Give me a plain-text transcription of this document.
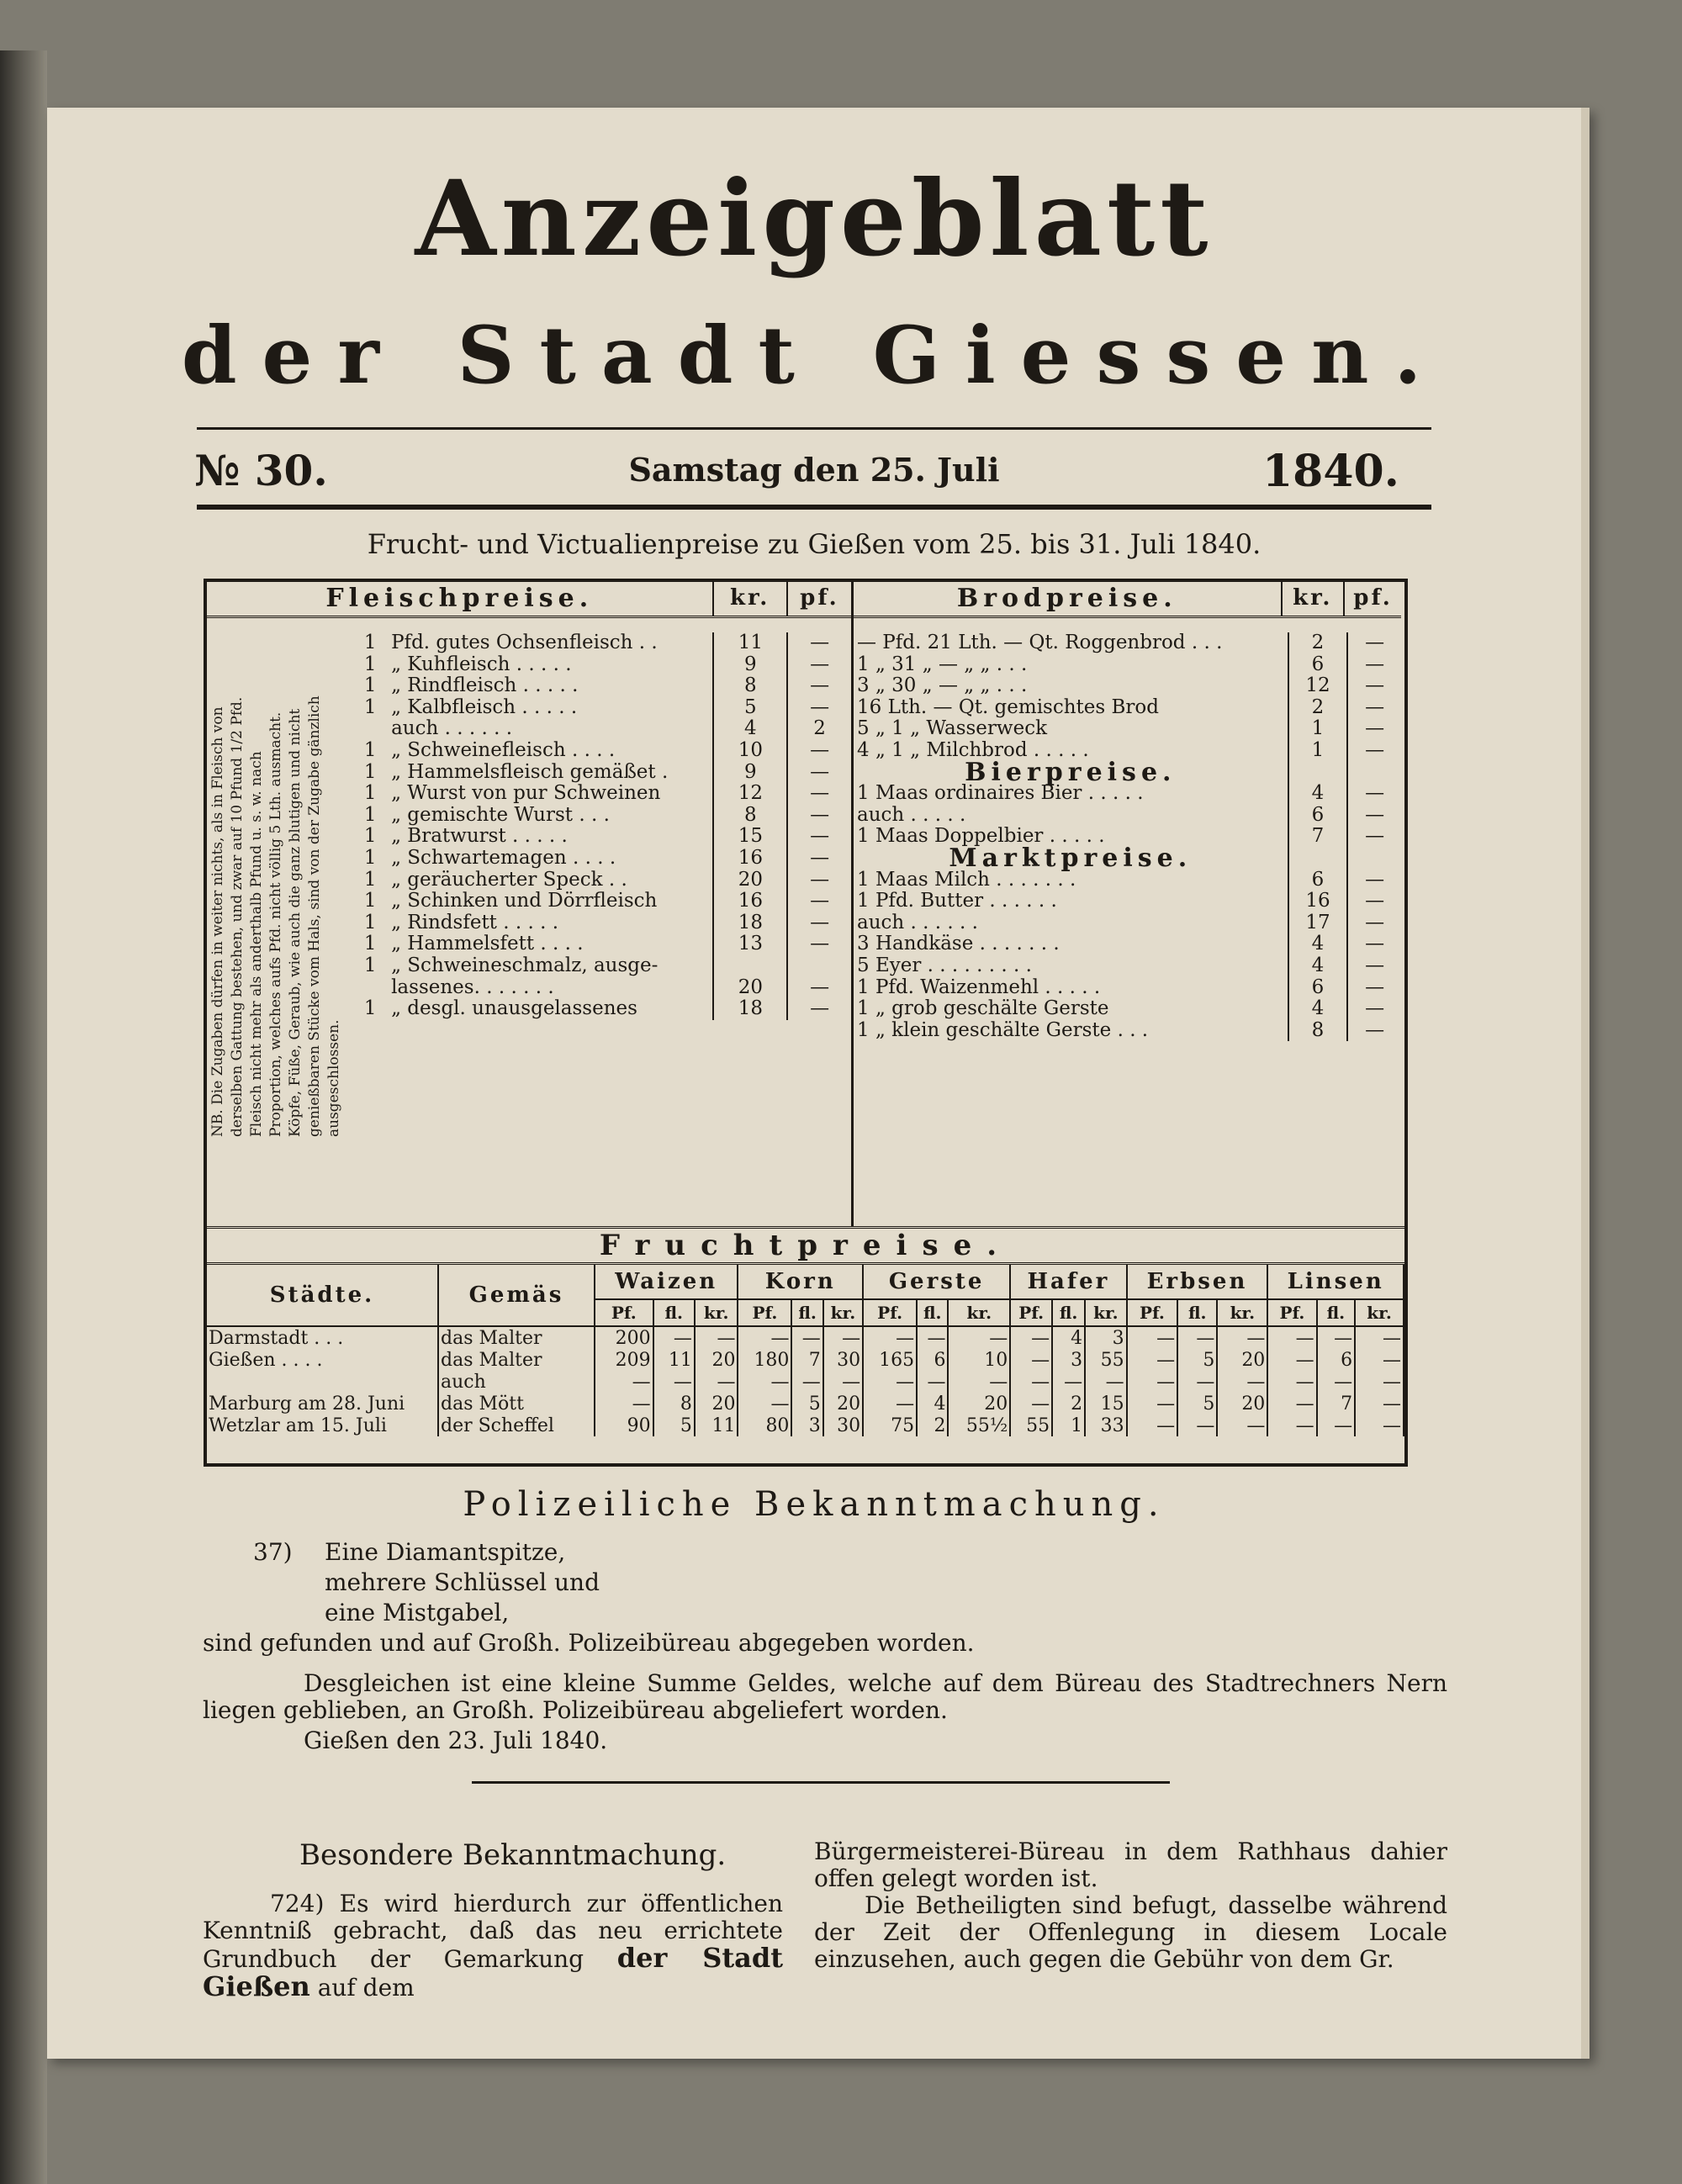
Anzeigeblatt
der Stadt Giessen.
№ 30.	Samstag den 25. Juli	1840.
Frucht- und Victualienpreise zu Gießen vom 25. bis 31. Juli 1840.
NB. Die Zugaben dürfen in weiter nichts, als in Fleisch von derselben Gattung bestehen, und zwar auf 10 Pfund 1/2 Pfd. Fleisch nicht mehr als anderthalb Pfund u. s. w. nach Proportion, welches aufs Pfd. nicht völlig 5 Lth. ausmacht. Köpfe, Füße, Geraub, wie auch die ganz blutigen und nicht genießbaren Stücke vom Hals, sind von der Zugabe gänzlich ausgeschlossen.
Fleischpreise.	kr.	pf.
	1	Pfd. gutes Ochsenfleisch . .	11	—
	1	„ Kuhfleisch . . . . .	9	—
	1	„ Rindfleisch . . . . .	8	—
	1	„ Kalbfleisch . . . . .	5	—
		auch . . . . . .	4	2
	1	„ Schweinefleisch . . . .	10	—
	1	„ Hammelsfleisch gemäßet .	9	—
	1	„ Wurst von pur Schweinen	12	—
	1	„ gemischte Wurst . . .	8	—
	1	„ Bratwurst . . . . .	15	—
	1	„ Schwartemagen . . . .	16	—
	1	„ geräucherter Speck . .	20	—
	1	„ Schinken und Dörrfleisch	16	—
	1	„ Rindsfett . . . . .	18	—
	1	„ Hammelsfett . . . .	13	—
	1	„ Schweineschmalz, ausge-		
		lassenes. . . . . . .	20	—
	1	„ desgl. unausgelassenes	18	—
Brodpreise.	kr.	pf.
— Pfd. 21 Lth. — Qt. Roggenbrod . . .	2	—
1 „ 31 „ — „ „ . . .	6	—
3 „ 30 „ — „ „ . . .	12	—
16 Lth. — Qt. gemischtes Brod	2	—
5 „ 1 „ Wasserweck	1	—
4 „ 1 „ Milchbrod . . . . .	1	—
Bierpreise.		
1 Maas ordinaires Bier . . . . .	4	—
auch . . . . .	6	—
1 Maas Doppelbier . . . . .	7	—
Marktpreise.		
1 Maas Milch . . . . . . .	6	—
1 Pfd. Butter . . . . . .	16	—
auch . . . . . .	17	—
3 Handkäse . . . . . . .	4	—
5 Eyer . . . . . . . . .	4	—
1 Pfd. Waizenmehl . . . . .	6	—
1 „ grob geschälte Gerste	4	—
1 „ klein geschälte Gerste . . .	8	—
Fruchtpreise.
Städte.	Gemäs	Waizen			Korn			Gerste			Hafer			Erbsen			Linsen		
		Pf.	fl.	kr.	Pf.	fl.	kr.	Pf.	fl.	kr.	Pf.	fl.	kr.	Pf.	fl.	kr.	Pf.	fl.	kr.
Darmstadt . . .	das Malter	200	—	—	—	—	—	—	—	—	—	4	3	—	—	—	—	—	—
Gießen . . . .	das Malter	209	11	20	180	7	30	165	6	10	—	3	55	—	5	20	—	6	—
	auch	—	—	—	—	—	—	—	—	—	—	—	—	—	—	—	—	—	—
Marburg am 28. Juni	das Mött	—	8	20	—	5	20	—	4	20	—	2	15	—	5	20	—	7	—
Wetzlar am 15. Juli	der Scheffel	90	5	11	80	3	30	75	2	55½	55	1	33	—	—	—	—	—	—
Polizeiliche Bekanntmachung.
37) Eine Diamantspitze,
mehrere Schlüssel und
eine Mistgabel,
sind gefunden und auf Großh. Polizeibüreau abgegeben worden.
Desgleichen ist eine kleine Summe Geldes, welche auf dem Büreau des Stadtrechners Nern liegen geblieben, an Großh. Polizeibüreau abgeliefert worden.
Gießen den 23. Juli 1840.
Besondere Bekanntmachung.
724) Es wird hierdurch zur öffentlichen Kenntniß gebracht, daß das neu errichtete Grundbuch der Gemarkung der Stadt Gießen auf dem
Bürgermeisterei-Büreau in dem Rathhaus dahier offen gelegt worden ist.
Die Betheiligten sind befugt, dasselbe während der Zeit der Offenlegung in diesem Locale einzusehen, auch gegen die Gebühr von dem Gr.
